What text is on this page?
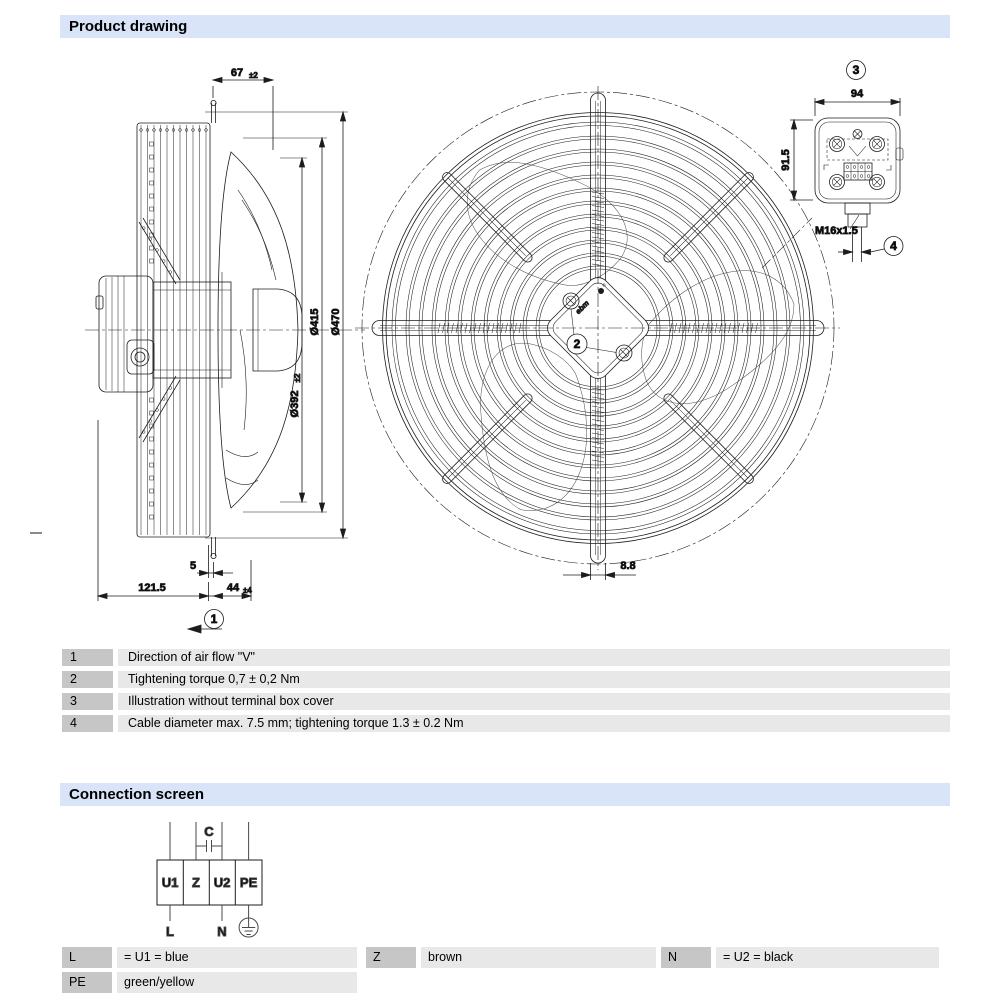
Product drawing
67 ±2
Ø470
Ø415
Ø392
±2
5
121.5	44 ±4
1
ebm
2
8.8
3
94
91.5
M16x1.5
4
1	Direction of air flow "V"
2	Tightening torque 0,7 ± 0,2 Nm
3	Illustration without terminal box cover
4	Cable diameter max. 7.5 mm; tightening torque 1.3 ± 0.2 Nm
Connection screen
U1 Z U2 PE
C
L	N
L	= U1 = blue	Z	brown	N	= U2 = black
PE	green/yellow
